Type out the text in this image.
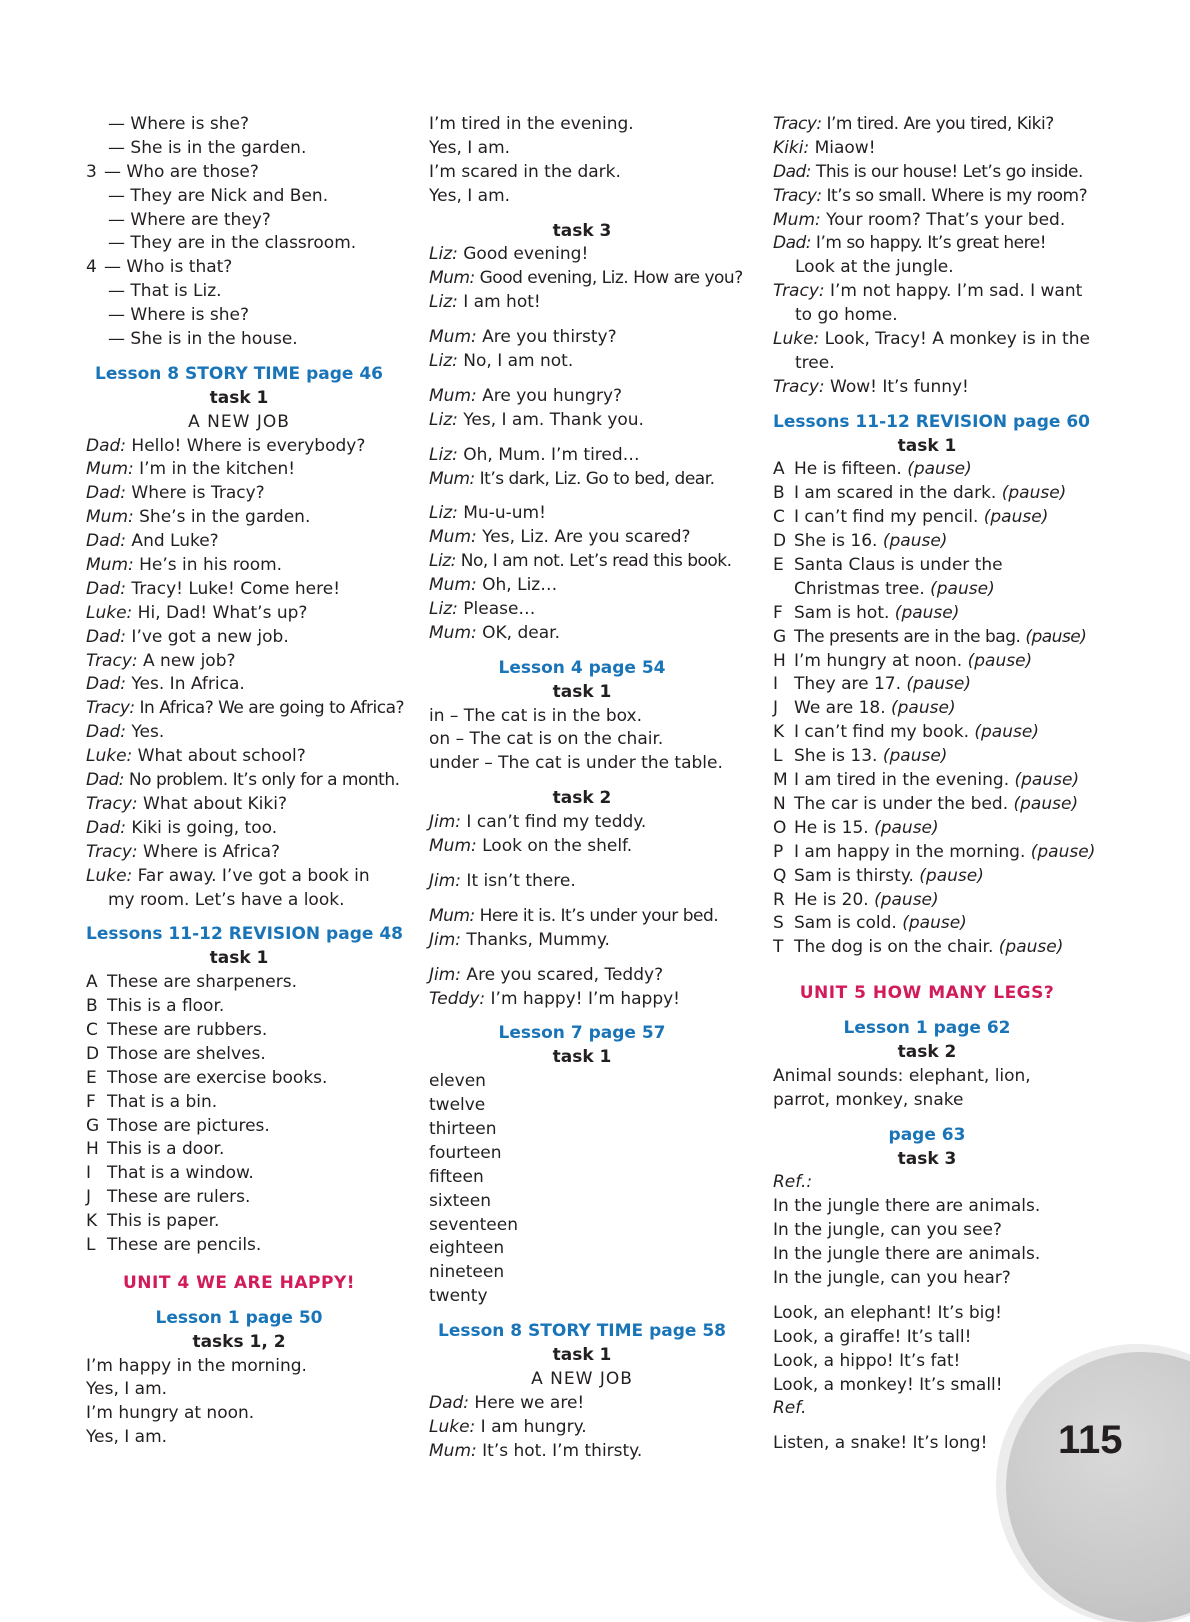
115
— Where is she?
— She is in the garden.
3 — Who are those?
— They are Nick and Ben.
— Where are they?
— They are in the classroom.
4 — Who is that?
— That is Liz.
— Where is she?
— She is in the house.
Lesson 8 STORY TIME page 46
task 1
A NEW JOB
Dad: Hello! Where is everybody?
Mum: I’m in the kitchen!
Dad: Where is Tracy?
Mum: She’s in the garden.
Dad: And Luke?
Mum: He’s in his room.
Dad: Tracy! Luke! Come here!
Luke: Hi, Dad! What’s up?
Dad: I’ve got a new job.
Tracy: A new job?
Dad: Yes. In Africa.
Tracy: In Africa? We are going to Africa?
Dad: Yes.
Luke: What about school?
Dad: No problem. It’s only for a month.
Tracy: What about Kiki?
Dad: Kiki is going, too.
Tracy: Where is Africa?
Luke: Far away. I’ve got a book in
my room. Let’s have a look.
Lessons 11-12 REVISION page 48
task 1
A These are sharpeners.
B This is a floor.
C These are rubbers.
D Those are shelves.
E Those are exercise books.
F That is a bin.
G Those are pictures.
H This is a door.
I That is a window.
J These are rulers.
K This is paper.
L These are pencils.
UNIT 4 WE ARE HAPPY!
Lesson 1 page 50
tasks 1, 2
I’m happy in the morning.
Yes, I am.
I’m hungry at noon.
Yes, I am.
I’m tired in the evening.
Yes, I am.
I’m scared in the dark.
Yes, I am.
task 3
Liz: Good evening!
Mum: Good evening, Liz. How are you?
Liz: I am hot!
Mum: Are you thirsty?
Liz: No, I am not.
Mum: Are you hungry?
Liz: Yes, I am. Thank you.
Liz: Oh, Mum. I’m tired…
Mum: It’s dark, Liz. Go to bed, dear.
Liz: Mu-u-um!
Mum: Yes, Liz. Are you scared?
Liz: No, I am not. Let’s read this book.
Mum: Oh, Liz…
Liz: Please…
Mum: OK, dear.
Lesson 4 page 54
task 1
in – The cat is in the box.
on – The cat is on the chair.
under – The cat is under the table.
task 2
Jim: I can’t find my teddy.
Mum: Look on the shelf.
Jim: It isn’t there.
Mum: Here it is. It’s under your bed.
Jim: Thanks, Mummy.
Jim: Are you scared, Teddy?
Teddy: I’m happy! I’m happy!
Lesson 7 page 57
task 1
eleven
twelve
thirteen
fourteen
fifteen
sixteen
seventeen
eighteen
nineteen
twenty
Lesson 8 STORY TIME page 58
task 1
A NEW JOB
Dad: Here we are!
Luke: I am hungry.
Mum: It’s hot. I’m thirsty.
Tracy: I’m tired. Are you tired, Kiki?
Kiki: Miaow!
Dad: This is our house! Let’s go inside.
Tracy: It’s so small. Where is my room?
Mum: Your room? That’s your bed.
Dad: I’m so happy. It’s great here!
Look at the jungle.
Tracy: I’m not happy. I’m sad. I want
to go home.
Luke: Look, Tracy! A monkey is in the
tree.
Tracy: Wow! It’s funny!
Lessons 11-12 REVISION page 60
task 1
A He is fifteen. (pause)
B I am scared in the dark. (pause)
C I can’t find my pencil. (pause)
D She is 16. (pause)
E Santa Claus is under the
Christmas tree. (pause)
F Sam is hot. (pause)
G The presents are in the bag. (pause)
H I’m hungry at noon. (pause)
I They are 17. (pause)
J We are 18. (pause)
K I can’t find my book. (pause)
L She is 13. (pause)
M I am tired in the evening. (pause)
N The car is under the bed. (pause)
O He is 15. (pause)
P I am happy in the morning. (pause)
Q Sam is thirsty. (pause)
R He is 20. (pause)
S Sam is cold. (pause)
T The dog is on the chair. (pause)
UNIT 5 HOW MANY LEGS?
Lesson 1 page 62
task 2
Animal sounds: elephant, lion,
parrot, monkey, snake
page 63
task 3
Ref.:
In the jungle there are animals.
In the jungle, can you see?
In the jungle there are animals.
In the jungle, can you hear?
Look, an elephant! It’s big!
Look, a giraffe! It’s tall!
Look, a hippo! It’s fat!
Look, a monkey! It’s small!
Ref.
Listen, a snake! It’s long!
